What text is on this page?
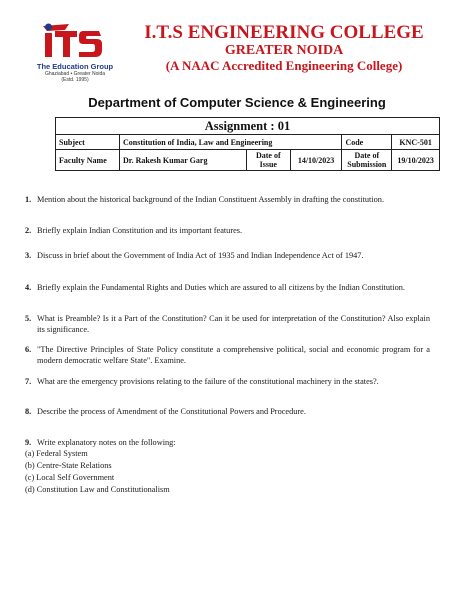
The Education Group
Ghaziabad • Greater Noida
(Estd. 1995)
I.T.S ENGINEERING COLLEGE
GREATER NOIDA
(A NAAC Accredited Engineering College)
Department of Computer Science & Engineering
Assignment : 01					
Subject	Constitution of India, Law and Engineering			Code	KNC-501
Faculty Name	Dr. Rakesh Kumar Garg	Date of Issue	14/10/2023	Date of Submission	19/10/2023
1. Mention about the historical background of the Indian Constituent Assembly in drafting the constitution.
2. Briefly explain Indian Constitution and its important features.
3. Discuss in brief about the Government of India Act of 1935 and Indian Independence Act of 1947.
4. Briefly explain the Fundamental Rights and Duties which are assured to all citizens by the Indian Constitution.
5. What is Preamble? Is it a Part of the Constitution? Can it be used for interpretation of the Constitution? Also explain its significance.
6. "The Directive Principles of State Policy constitute a comprehensive political, social and economic program for a modern democratic welfare State". Examine.
7. What are the emergency provisions relating to the failure of the constitutional machinery in the states?.
8. Describe the process of Amendment of the Constitutional Powers and Procedure.
9. Write explanatory notes on the following:
(a) Federal System
(b) Centre-State Relations
(c) Local Self Government
(d) Constitution Law and Constitutionalism
